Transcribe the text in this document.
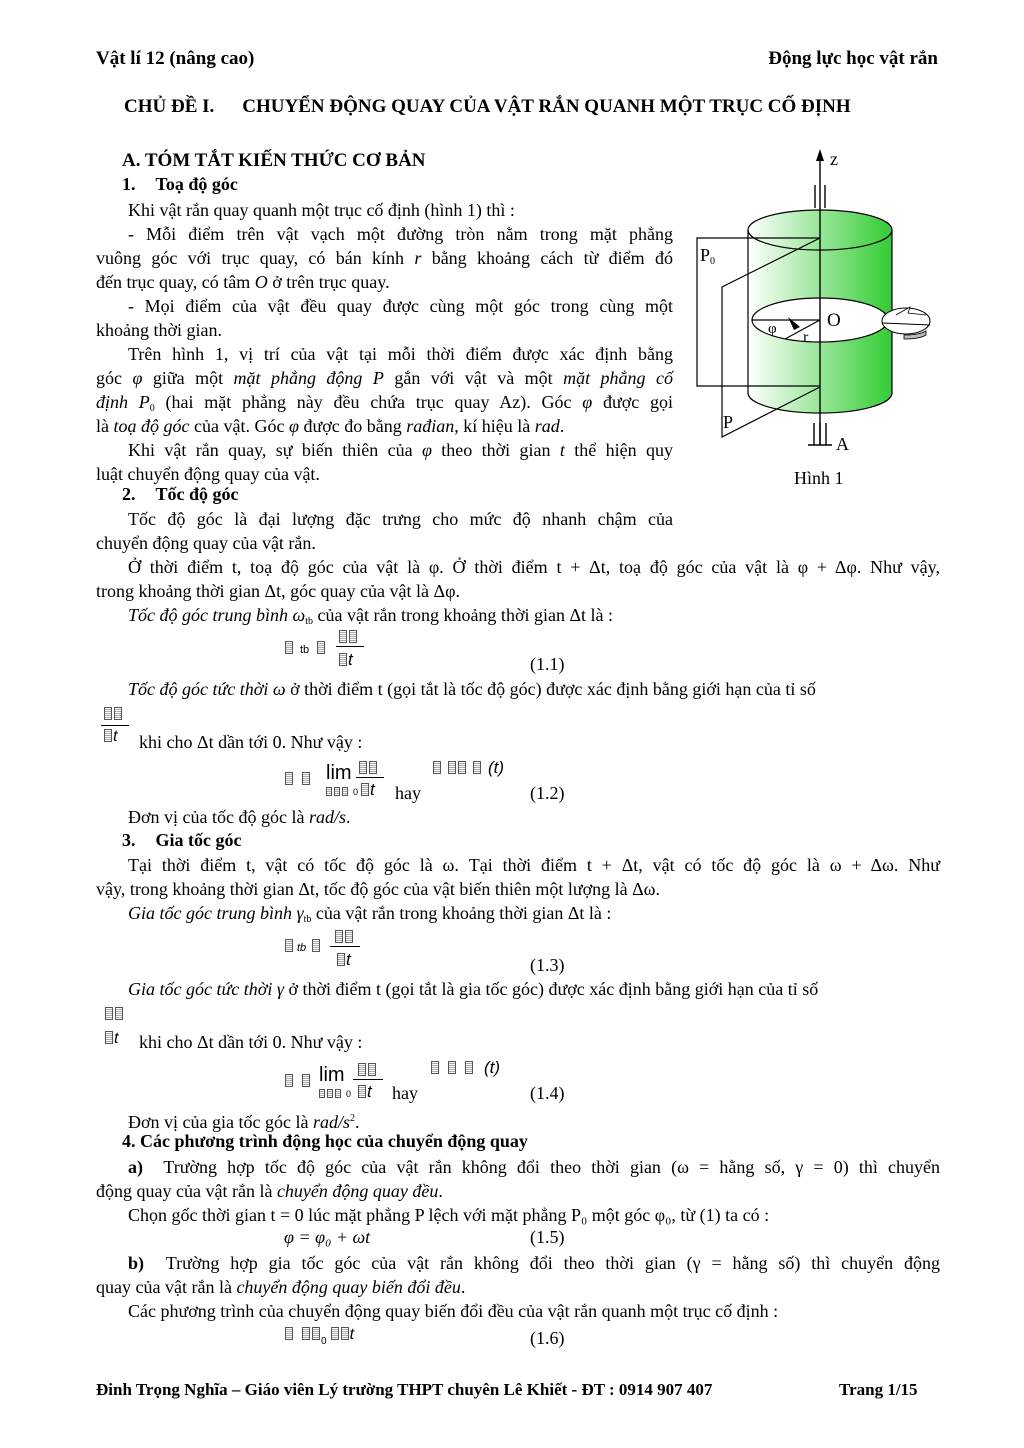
Vật lí 12 (nâng cao)	Động lực học vật rắn
CHỦ ĐỀ I. CHUYỂN ĐỘNG QUAY CỦA VẬT RẮN QUANH MỘT TRỤC CỐ ĐỊNH
A. TÓM TẮT KIẾN THỨC CƠ BẢN
1. Toạ độ góc
Khi vật rắn quay quanh một trục cố định (hình 1) thì :
- Mỗi điểm trên vật vạch một đường tròn nằm trong mặt phẳng
vuông góc với trục quay, có bán kính r bằng khoảng cách từ điểm đó
đến trục quay, có tâm O ở trên trục quay.
- Mọi điểm của vật đều quay được cùng một góc trong cùng một
khoảng thời gian.
Trên hình 1, vị trí của vật tại mỗi thời điểm được xác định bằng
góc φ giữa một mặt phẳng động P gắn với vật và một mặt phẳng cố
định $P_0$ (hai mặt phẳng này đều chứa trục quay Az). Góc φ được gọi
là toạ độ góc của vật. Góc φ được đo bằng rađian, kí hiệu là rad.
Khi vật rắn quay, sự biến thiên của φ theo thời gian t thể hiện quy
luật chuyển động quay của vật.
z
P0
O
φ r
P
A
Hình 1
2. Tốc độ góc
Tốc độ góc là đại lượng đặc trưng cho mức độ nhanh chậm của
chuyển động quay của vật rắn.
Ở thời điểm t, toạ độ góc của vật là φ. Ở thời điểm t + Δt, toạ độ góc của vật là φ + Δφ. Như vậy,
trong khoảng thời gian Δt, góc quay của vật là Δφ.
Tốc độ góc trung bình $\omega_{tb}$ của vật rắn trong khoảng thời gian Δt là :
tb	t	(1.1)
Tốc độ góc tức thời ω ở thời điểm t (gọi tắt là tốc độ góc) được xác định bằng giới hạn của tỉ số
t khi cho Δt dần tới 0. Như vậy :
lim
0 t hay
(t)
(1.2)
Đơn vị của tốc độ góc là rad/s.
3. Gia tốc góc
Tại thời điểm t, vật có tốc độ góc là ω. Tại thời điểm t + Δt, vật có tốc độ góc là ω + Δω. Như
vậy, trong khoảng thời gian Δt, tốc độ góc của vật biến thiên một lượng là Δω.
Gia tốc góc trung bình $\gamma_{tb}$ của vật rắn trong khoảng thời gian Δt là :
tb
t	(1.3)
Gia tốc góc tức thời γ ở thời điểm t (gọi tắt là gia tốc góc) được xác định bằng giới hạn của tỉ số
t khi cho Δt dần tới 0. Như vậy :
lim
0 t hay
(t)
(1.4)
Đơn vị của gia tốc góc là rad/$s^2$.
4. Các phương trình động học của chuyển động quay
a) Trường hợp tốc độ góc của vật rắn không đổi theo thời gian (ω = hằng số, γ = 0) thì chuyển
động quay của vật rắn là chuyển động quay đều.
Chọn gốc thời gian t = 0 lúc mặt phẳng P lệch với mặt phẳng P₀ một góc φ₀, từ (1) ta có :
φ = φ₀ + ωt	(1.5)
b) Trường hợp gia tốc góc của vật rắn không đổi theo thời gian (γ = hằng số) thì chuyển động
quay của vật rắn là chuyển động quay biến đổi đều.
Các phương trình của chuyển động quay biến đổi đều của vật rắn quanh một trục cố định :
$_0$ t	(1.6)
Đinh Trọng Nghĩa – Giáo viên Lý trường THPT chuyên Lê Khiết - ĐT : 0914 907 407	Trang 1/15
